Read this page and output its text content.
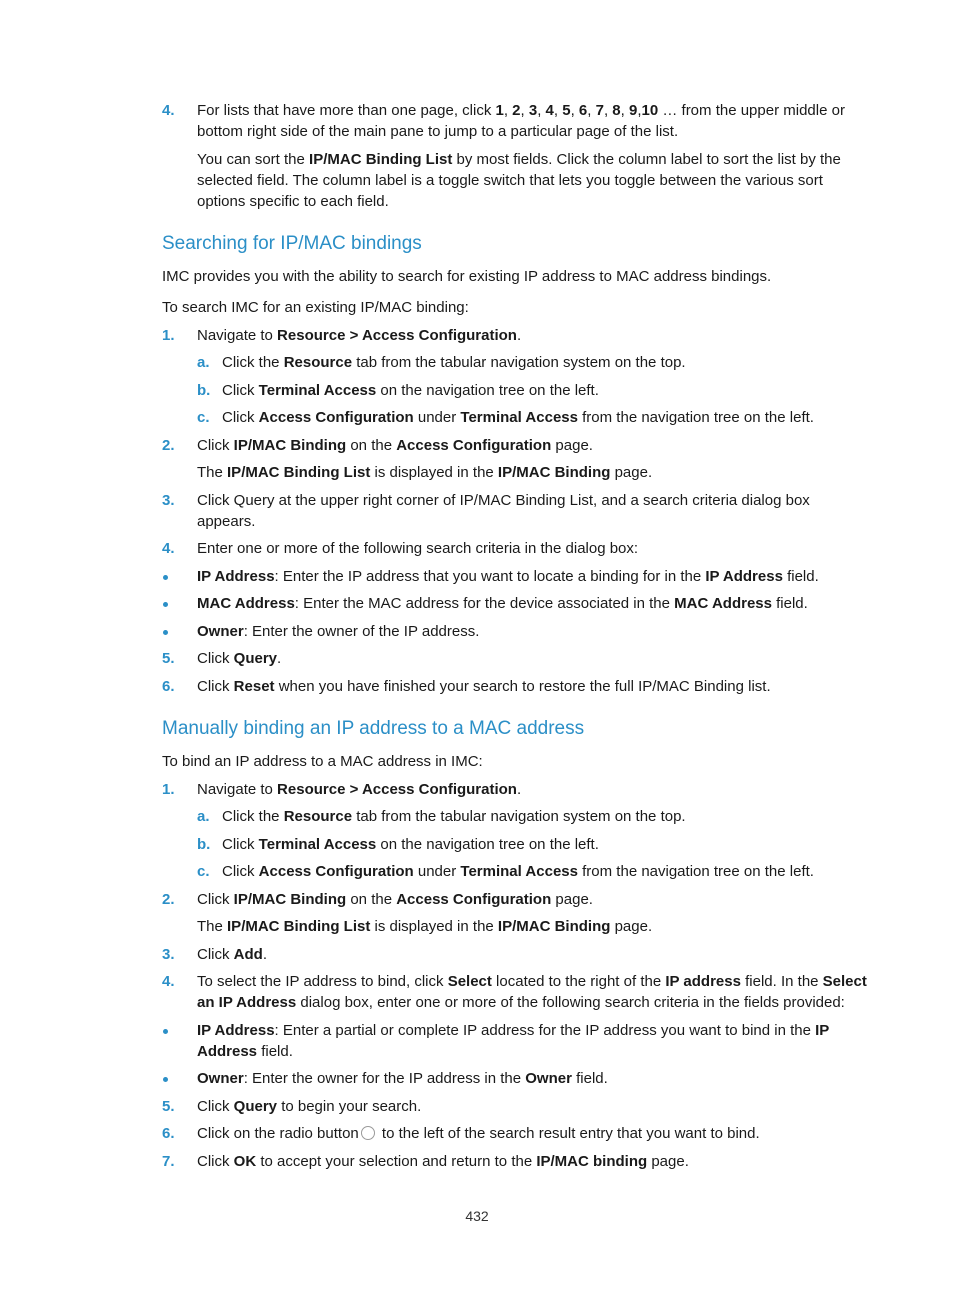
4. For lists that have more than one page, click 1, 2, 3, 4, 5, 6, 7, 8, 9,10 … from the upper middle or bottom right side of the main pane to jump to a particular page of the list.
You can sort the IP/MAC Binding List by most fields. Click the column label to sort the list by the selected field. The column label is a toggle switch that lets you toggle between the various sort options specific to each field.
Searching for IP/MAC bindings
IMC provides you with the ability to search for existing IP address to MAC address bindings.
To search IMC for an existing IP/MAC binding:
1. Navigate to Resource > Access Configuration.
a. Click the Resource tab from the tabular navigation system on the top.
b. Click Terminal Access on the navigation tree on the left.
c. Click Access Configuration under Terminal Access from the navigation tree on the left.
2. Click IP/MAC Binding on the Access Configuration page.
The IP/MAC Binding List is displayed in the IP/MAC Binding page.
3. Click Query at the upper right corner of IP/MAC Binding List, and a search criteria dialog box appears.
4. Enter one or more of the following search criteria in the dialog box:
IP Address: Enter the IP address that you want to locate a binding for in the IP Address field.
MAC Address: Enter the MAC address for the device associated in the MAC Address field.
Owner: Enter the owner of the IP address.
5. Click Query.
6. Click Reset when you have finished your search to restore the full IP/MAC Binding list.
Manually binding an IP address to a MAC address
To bind an IP address to a MAC address in IMC:
1. Navigate to Resource > Access Configuration.
a. Click the Resource tab from the tabular navigation system on the top.
b. Click Terminal Access on the navigation tree on the left.
c. Click Access Configuration under Terminal Access from the navigation tree on the left.
2. Click IP/MAC Binding on the Access Configuration page.
The IP/MAC Binding List is displayed in the IP/MAC Binding page.
3. Click Add.
4. To select the IP address to bind, click Select located to the right of the IP address field. In the Select an IP Address dialog box, enter one or more of the following search criteria in the fields provided:
IP Address: Enter a partial or complete IP address for the IP address you want to bind in the IP Address field.
Owner: Enter the owner for the IP address in the Owner field.
5. Click Query to begin your search.
6. Click on the radio button to the left of the search result entry that you want to bind.
7. Click OK to accept your selection and return to the IP/MAC binding page.
432
